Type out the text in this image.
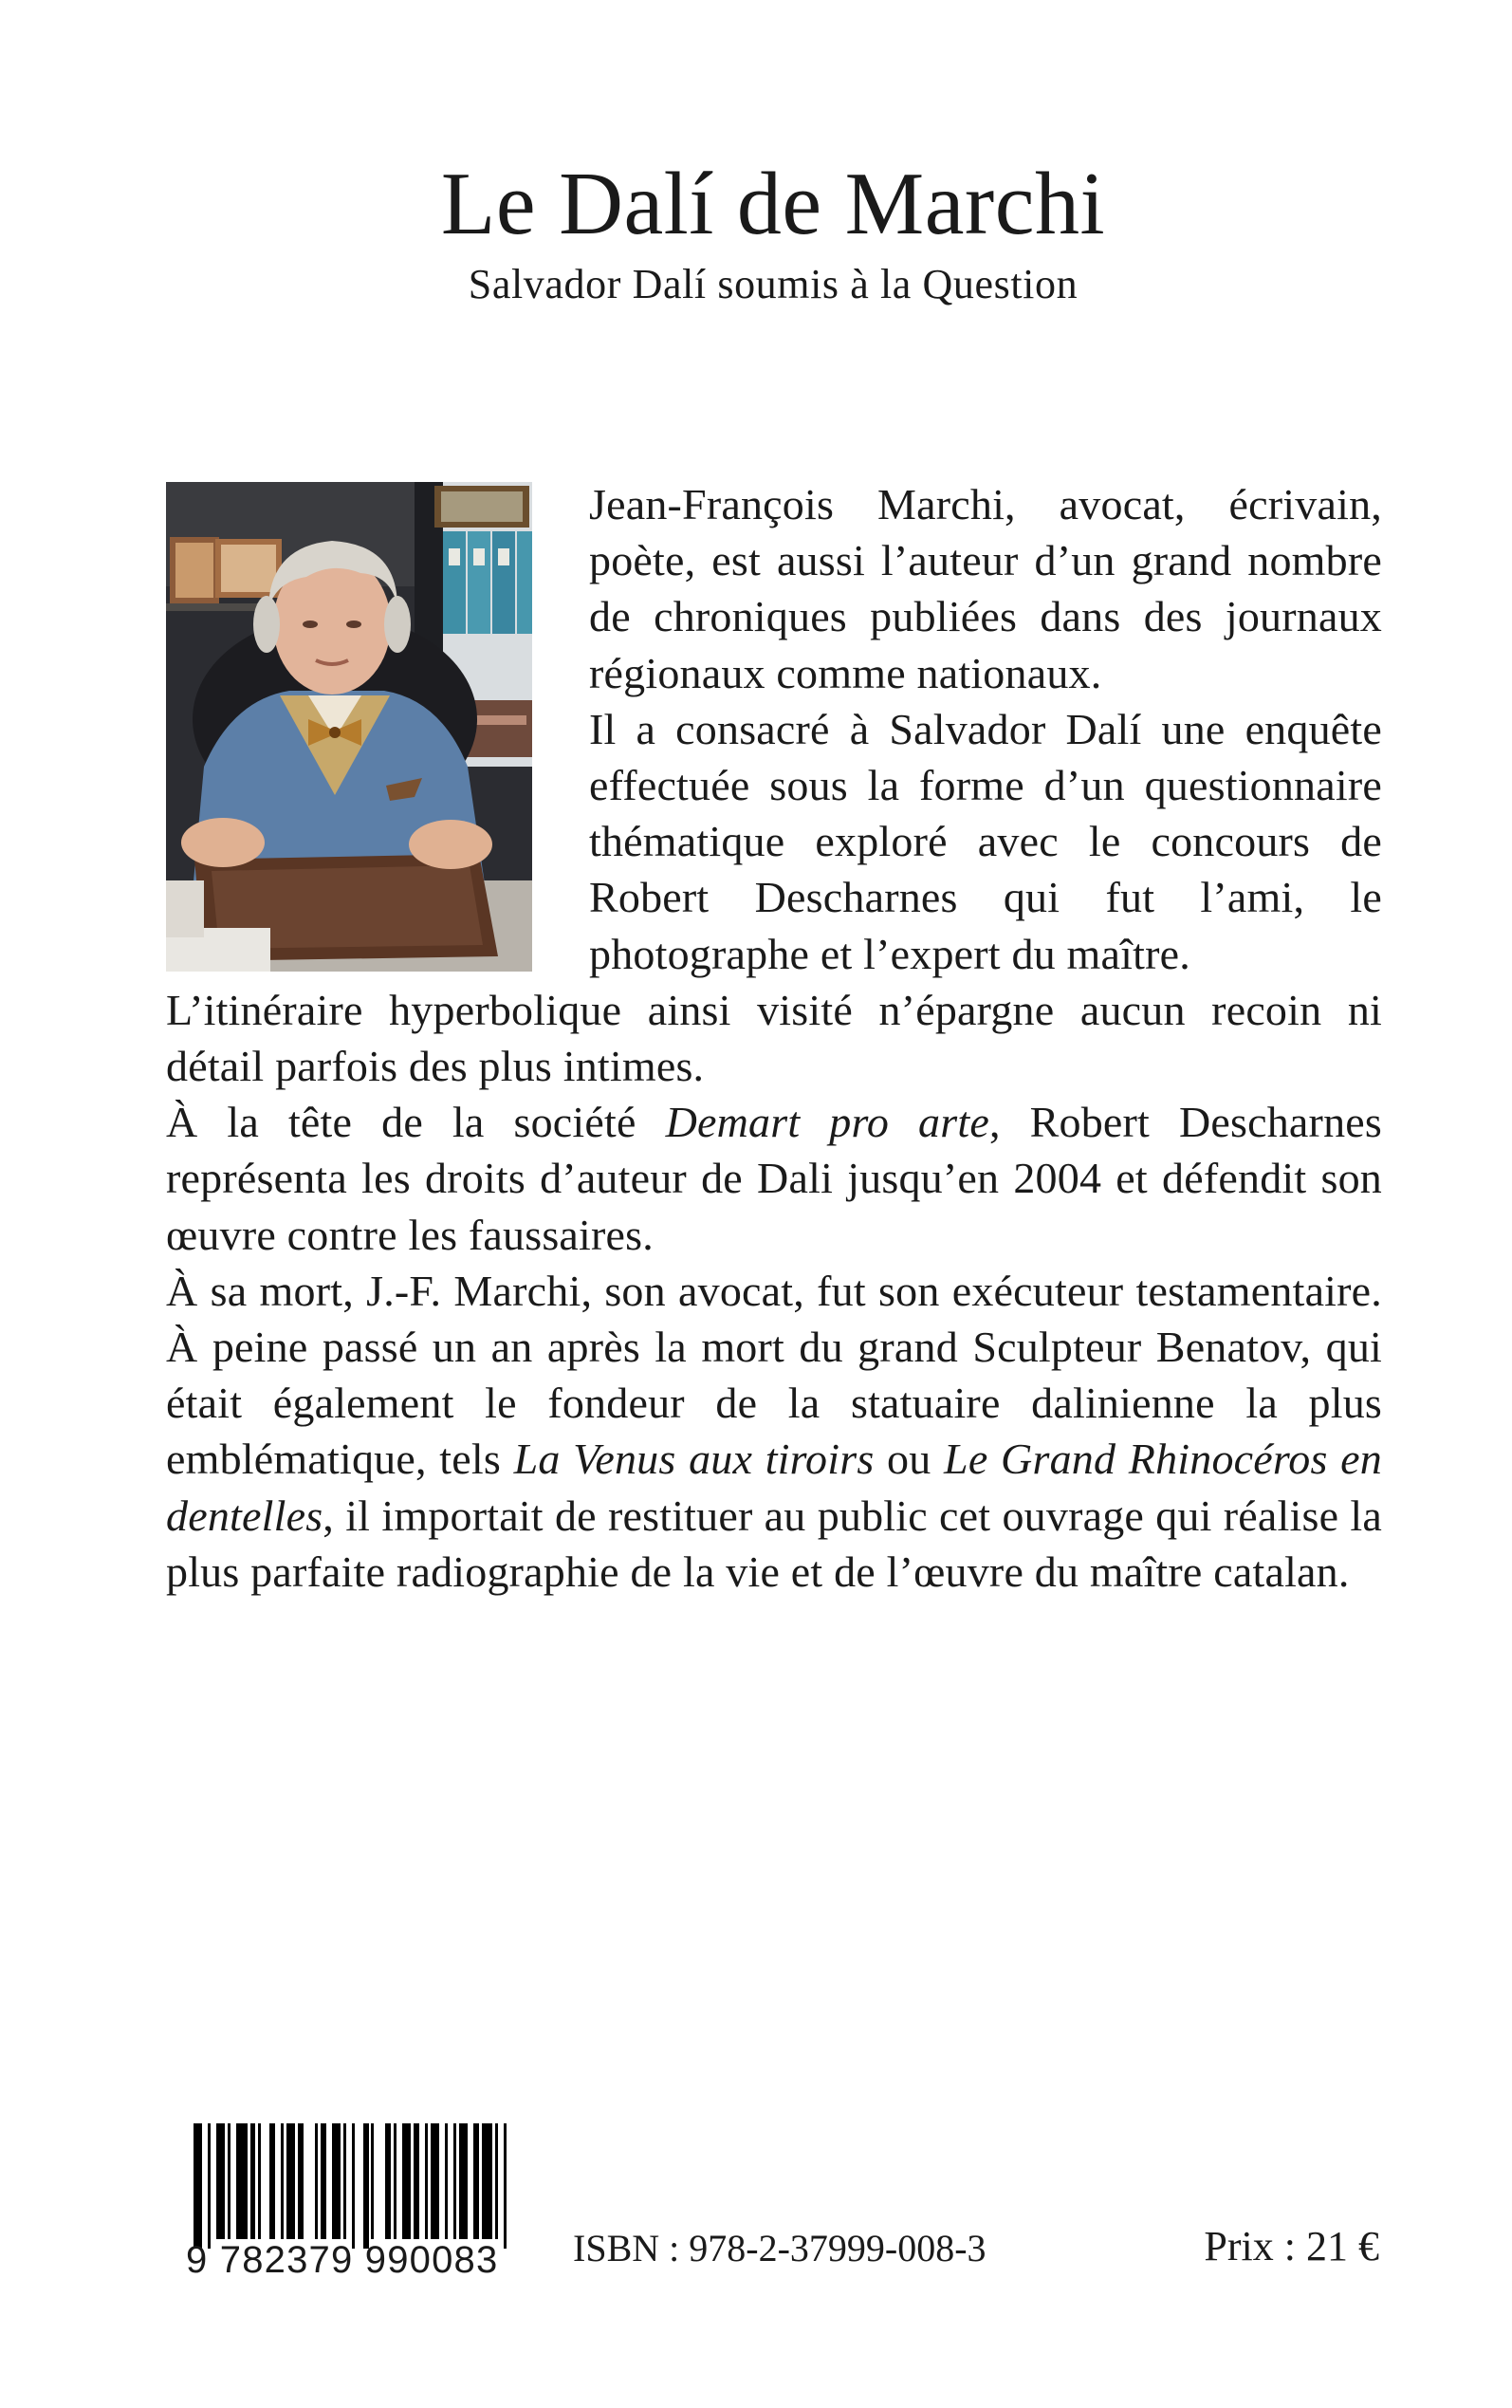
Le Dalí de Marchi
Salvador Dalí soumis à la Question

Jean-François Marchi, avocat, écrivain, poète, est aussi l’auteur d’un grand nombre de chroniques publiées dans des journaux régionaux comme nationaux.

Il a consacré à Salvador Dalí une enquête effectuée sous la forme d’un questionnaire thématique exploré avec le concours de Robert Descharnes qui fut l’ami, le photographe et l’expert du maître.

L’itinéraire hyperbolique ainsi visité n’épargne aucun recoin ni détail parfois des plus intimes.

À la tête de la société Demart pro arte, Robert Descharnes représenta les droits d’auteur de Dali jusqu’en 2004 et défendit son œuvre contre les faussaires.

À sa mort, J.-F. Marchi, son avocat, fut son exécuteur testamentaire. À peine passé un an après la mort du grand Sculpteur Benatov, qui était également le fondeur de la statuaire dalinienne la plus emblématique, tels La Venus aux tiroirs ou Le Grand Rhinocéros en dentelles, il importait de restituer au public cet ouvrage qui réalise la plus parfaite radiographie de la vie et de l’œuvre du maître catalan.

9 782379 990083	ISBN : 978-2-37999-008-3	Prix : 21 €
